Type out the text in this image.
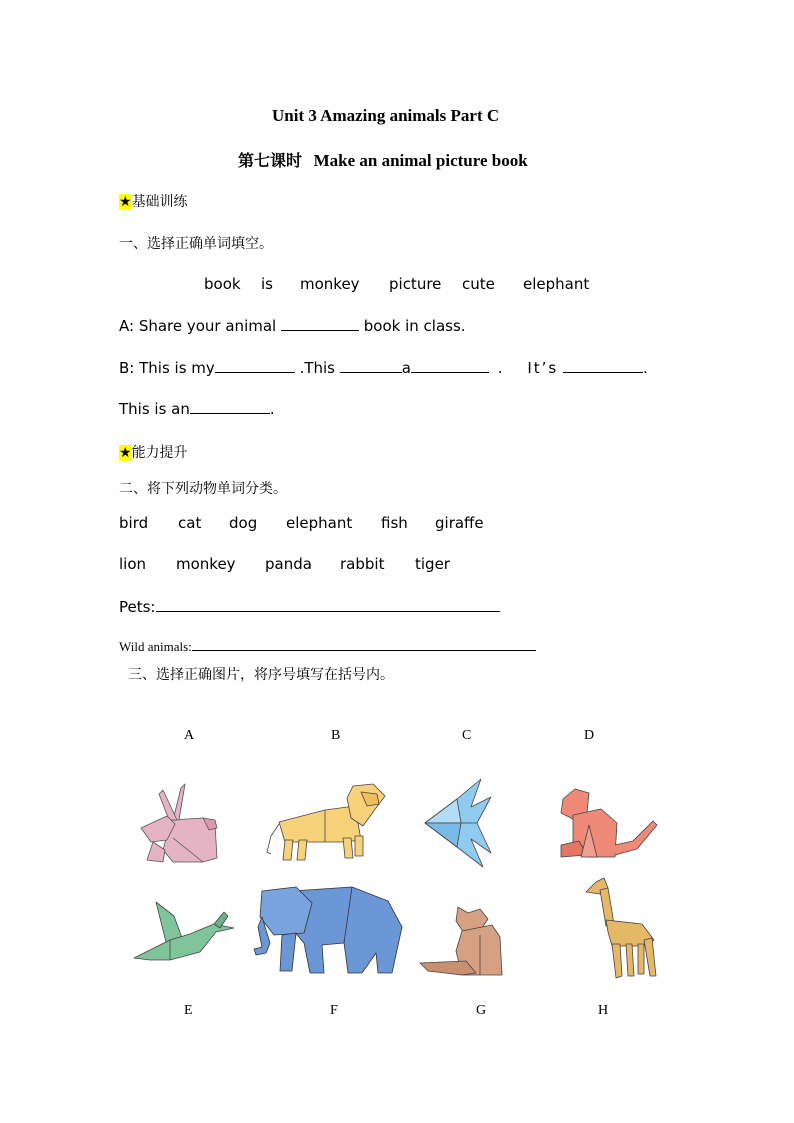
Unit 3 Amazing animals Part C
第七课时 Make an animal picture book
★基础训练
一、选择正确单词填空。
book is monkey picture cute elephant
A: Share your animal	book in class.
B: This is my	.This	a	. It’s	.
This is an	.
★能力提升
二、将下列动物单词分类。
bird cat dog elephant fish giraffe
lion monkey panda rabbit tiger
Pets:
Wild animals:
三、选择正确图片，将序号填写在括号内。
A	B	C	D
E	F	G	H
